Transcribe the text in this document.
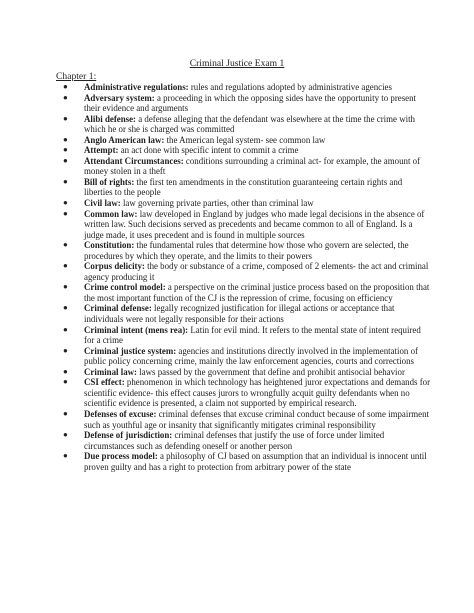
Criminal Justice Exam 1
Chapter 1:
● Administrative regulations: rules and regulations adopted by administrative agencies
● Adversary system: a proceeding in which the opposing sides have the opportunity to present their evidence and arguments
● Alibi defense: a defense alleging that the defendant was elsewhere at the time the crime with which he or she is charged was committed
● Anglo American law: the American legal system- see common law
● Attempt: an act done with specific intent to commit a crime
● Attendant Circumstances: conditions surrounding a criminal act- for example, the amount of money stolen in a theft
● Bill of rights: the first ten amendments in the constitution guaranteeing certain rights and liberties to the people
● Civil law: law governing private parties, other than criminal law
● Common law: law developed in England by judges who made legal decisions in the absence of written law. Such decisions served as precedents and became common to all of England. Is a judge made, it uses precedent and is found in multiple sources
● Constitution: the fundamental rules that determine how those who govern are selected, the procedures by which they operate, and the limits to their powers
● Corpus delicity: the body or substance of a crime, composed of 2 elements- the act and criminal agency producing it
● Crime control model: a perspective on the criminal justice process based on the proposition that the most important function of the CJ is the repression of crime, focusing on efficiency
● Criminal defense: legally recognized justification for illegal actions or acceptance that individuals were not legally responsible for their actions
● Criminal intent (mens rea): Latin for evil mind. It refers to the mental state of intent required for a crime
● Criminal justice system: agencies and institutions directly involved in the implementation of public policy concerning crime, mainly the law enforcement agencies, courts and corrections
● Criminal law: laws passed by the government that define and prohibit antisocial behavior
● CSI effect: phenomenon in which technology has heightened juror expectations and demands for scientific evidence- this effect causes jurors to wrongfully acquit guilty defendants when no scientific evidence is presented, a claim not supported by empirical research.
● Defenses of excuse: criminal defenses that excuse criminal conduct because of some impairment such as youthful age or insanity that significantly mitigates criminal responsibility
● Defense of jurisdiction: criminal defenses that justify the use of force under limited circumstances such as defending oneself or another person
● Due process model: a philosophy of CJ based on assumption that an individual is innocent until proven guilty and has a right to protection from arbitrary power of the state
